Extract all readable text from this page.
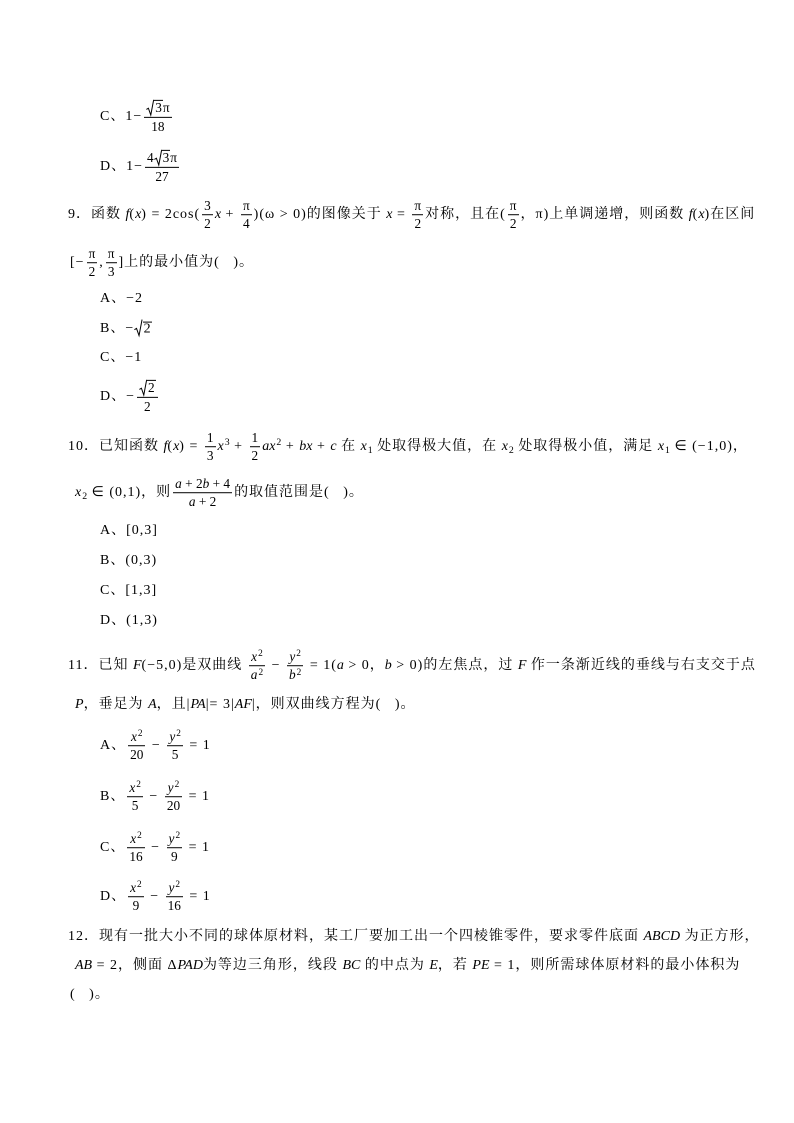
C、$1- \frac{3\pi}{18}$
D、$1- \frac{4 3\pi}{27}$
9．函数 $f(x) = 2\cos( \frac{3}{2}$ $x + \frac{\pi}{4} )(\omega > 0)$的图像关于 $x = \frac{\pi}{2}$ 对称，且在( $\frac{\pi}{2}$ ，π)上单调递增，则函数 f(x)在区间
[− $\frac{\pi}{2}$ , $\frac{\pi}{3}$ ]上的最小值为(   )。
A、−2
B、− 2
C、−1
D、− $\frac{2}{2}$
10．已知函数 $f(x) = \frac{1}{3} x^3 + \frac{1}{2} ax^2$ + bx + c 在 $x_1$ 处取得极大值，在 $x_2$ 处取得极小值，满足 $x_1$ ∈ (−1,0)，
$x_2$ ∈ (0,1)，则 $\frac{a + 2b + 4}{a + 2}$ 的取值范围是(   )。
A、[0,3]
B、(0,3)
C、[1,3]
D、(1,3)
11．已知 F(−5,0)是双曲线 $\frac{x^2}{a^2} - \frac{y^2}{b^2} = 1(a > 0$，b > 0)的左焦点，过 F 作一条渐近线的垂线与右支交于点
P，垂足为 A，且|PA|= 3|AF|，则双曲线方程为(   )。
A、 $\frac{x^2}{20} - \frac{y^2}{5} = 1$
B、 $\frac{x^2}{5} - \frac{y^2}{20} = 1$
C、 $\frac{x^2}{16} - \frac{y^2}{9} = 1$
D、 $\frac{x^2}{9} - \frac{y^2}{16} = 1$
12．现有一批大小不同的球体原材料，某工厂要加工出一个四棱锥零件，要求零件底面 ABCD 为正方形，
AB = 2，侧面 ΔPAD为等边三角形，线段 BC 的中点为 E，若 PE = 1，则所需球体原材料的最小体积为
(   )。
